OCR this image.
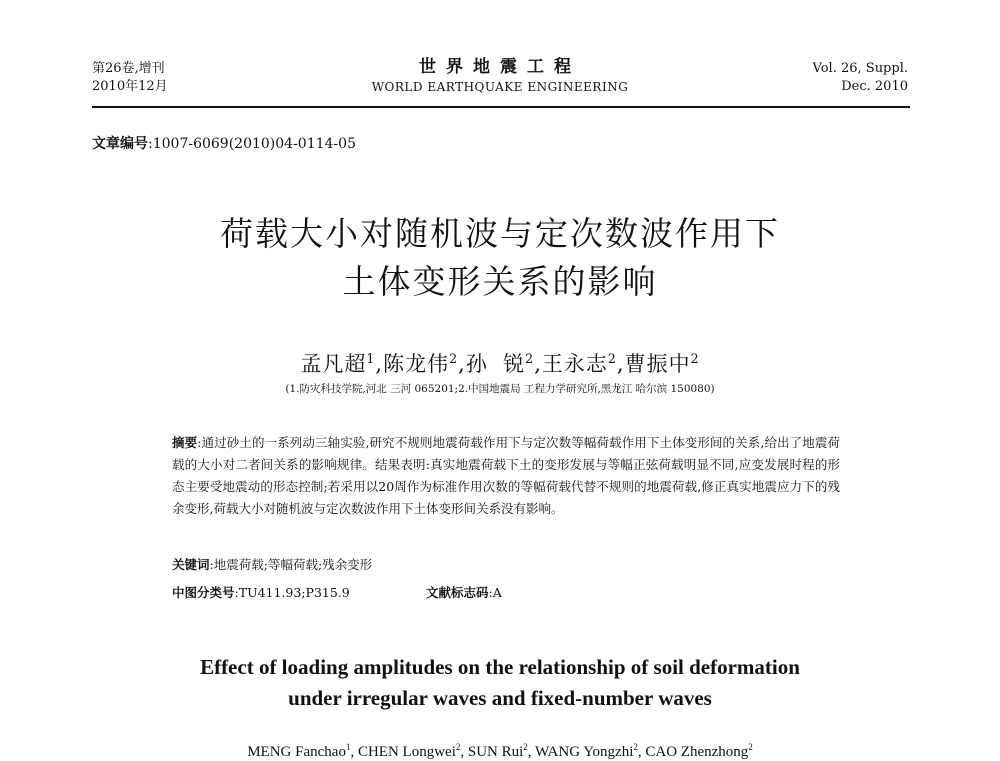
第26卷,增刊
2010年12月
世界地震工程
WORLD EARTHQUAKE ENGINEERING
Vol. 26, Suppl.
Dec. 2010
文章编号:1007-6069(2010)04-0114-05
荷载大小对随机波与定次数波作用下
土体变形关系的影响
孟凡超$^1$,陈龙伟$^2$,孙  锐$^2$,王永志$^2$,曹振中$^2$
(1.防灾科技学院,河北 三河 065201;2.中国地震局 工程力学研究所,黑龙江 哈尔滨 150080)
摘要:通过砂土的一系列动三轴实验,研究不规则地震荷载作用下与定次数等幅荷载作用下土体变形间的关系,给出了地震荷载的大小对二者间关系的影响规律。结果表明:真实地震荷载下土的变形发展与等幅正弦荷载明显不同,应变发展时程的形态主要受地震动的形态控制;若采用以20周作为标准作用次数的等幅荷载代替不规则的地震荷载,修正真实地震应力下的残余变形,荷载大小对随机波与定次数波作用下土体变形间关系没有影响。
关键词:地震荷载;等幅荷载;残余变形
中图分类号:TU411.93;P315.9	文献标志码:A
Effect of loading amplitudes on the relationship of soil deformation
under irregular waves and fixed-number waves
MENG Fanchao$^1$, CHEN Longwei$^2$, SUN Rui$^2$, WANG Yongzhi$^2$, CAO Zhenzhong$^2$
